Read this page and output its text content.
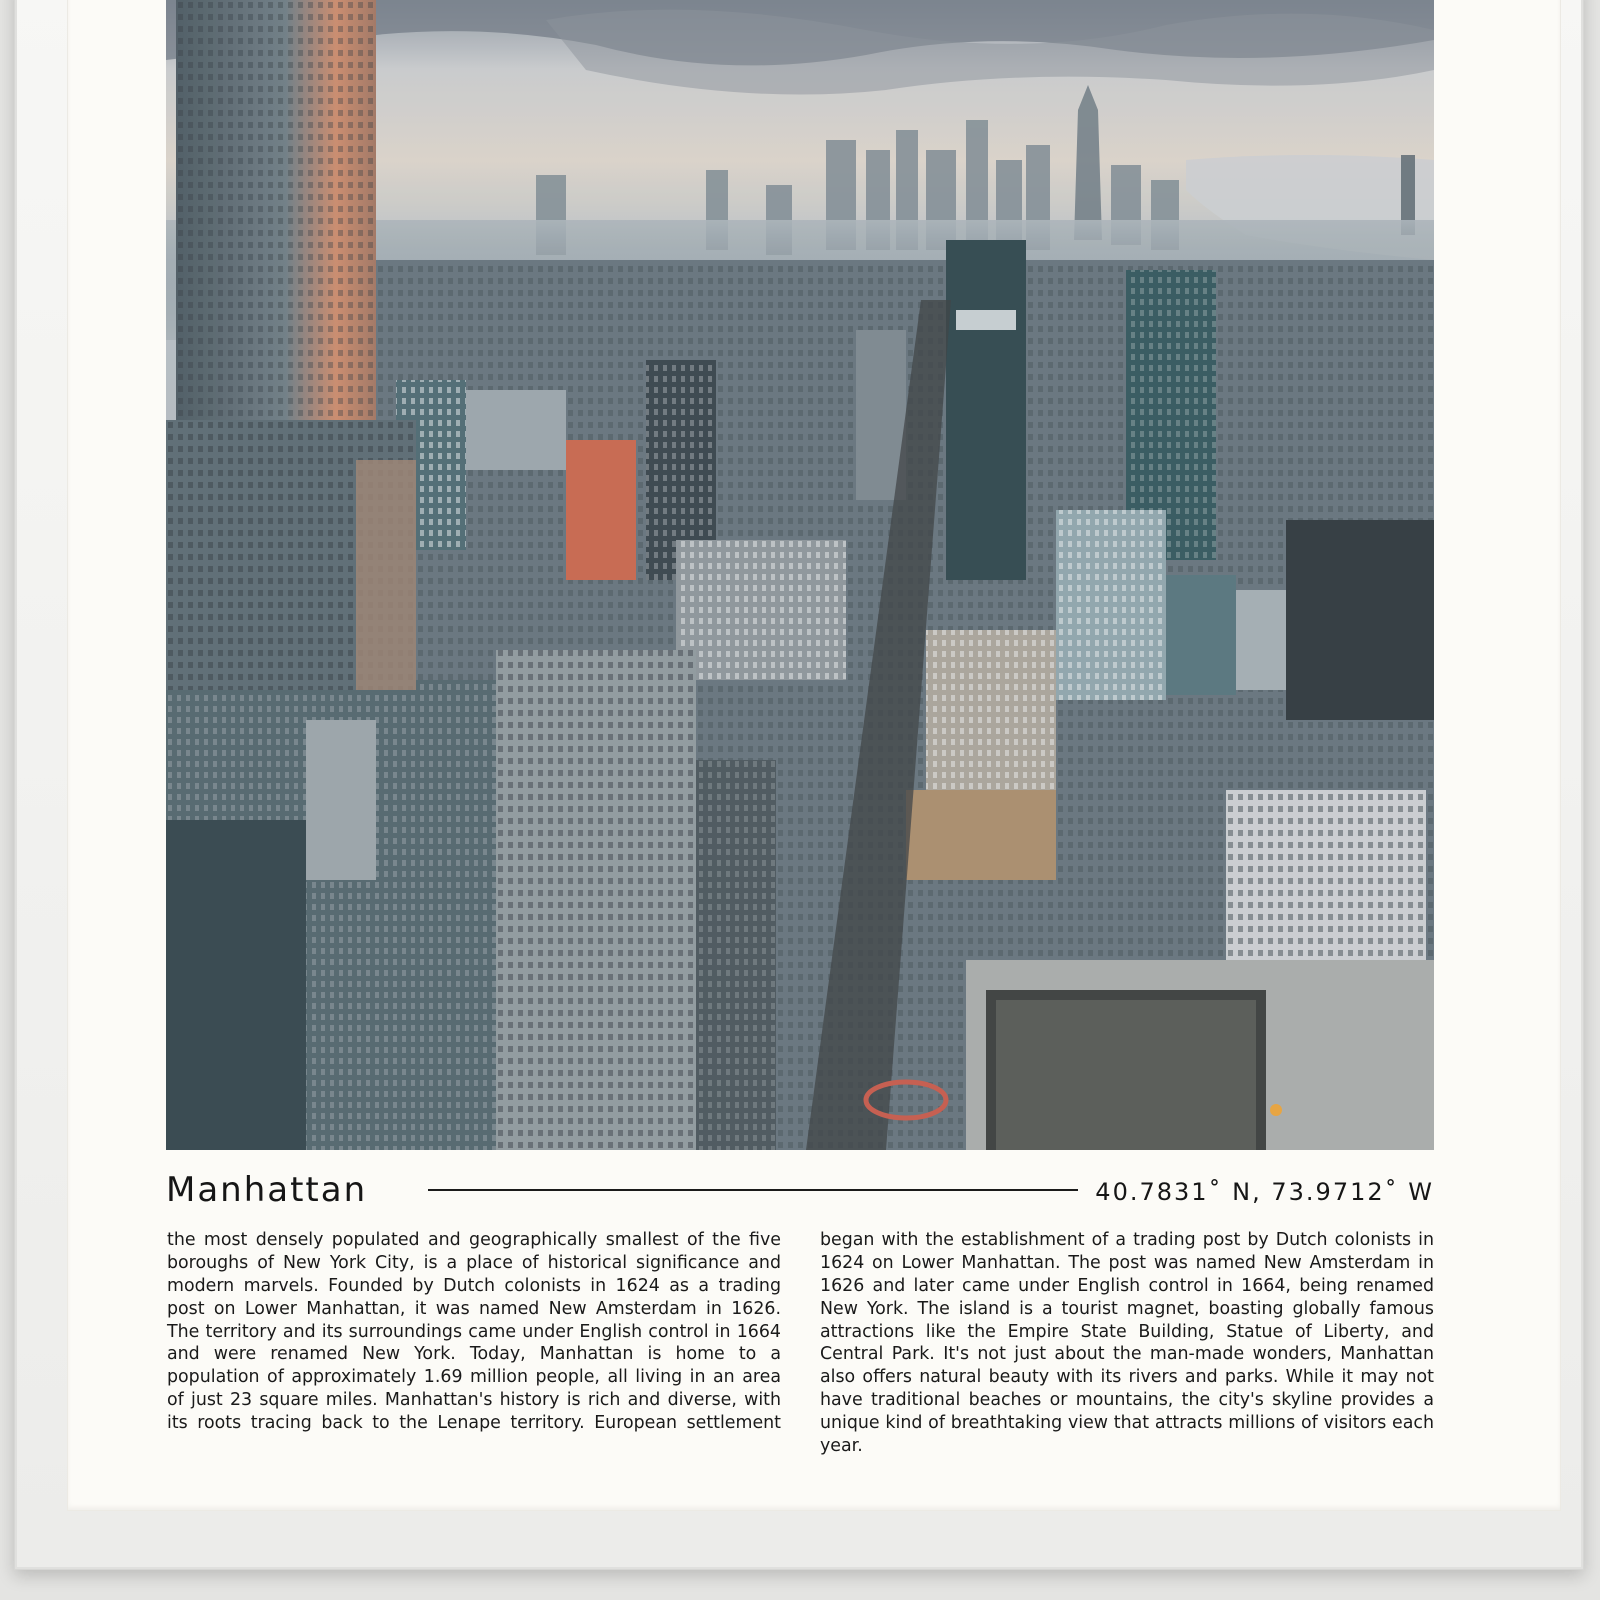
Manhattan	40.7831˚ N, 73.9712˚ W

the most densely populated and geographically smallest of the five boroughs of New York City, is a place of historical significance and modern marvels. Founded by Dutch colonists in 1624 as a trading post on Lower Manhattan, it was named New Amsterdam in 1626. The territory and its surroundings came under English control in 1664 and were renamed New York. Today, Manhattan is home to a population of approximately 1.69 million people, all living in an area of just 23 square miles. Manhattan's history is rich and diverse, with its roots tracing back to the Lenape territory. European settlement

began with the establishment of a trading post by Dutch colonists in 1624 on Lower Manhattan. The post was named New Amsterdam in 1626 and later came under English control in 1664, being renamed New York. The island is a tourist magnet, boasting globally famous attractions like the Empire State Building, Statue of Liberty, and Central Park. It's not just about the man-made wonders, Manhattan also offers natural beauty with its rivers and parks. While it may not have traditional beaches or mountains, the city's skyline provides a unique kind of breathtaking view that attracts millions of visitors each year.
